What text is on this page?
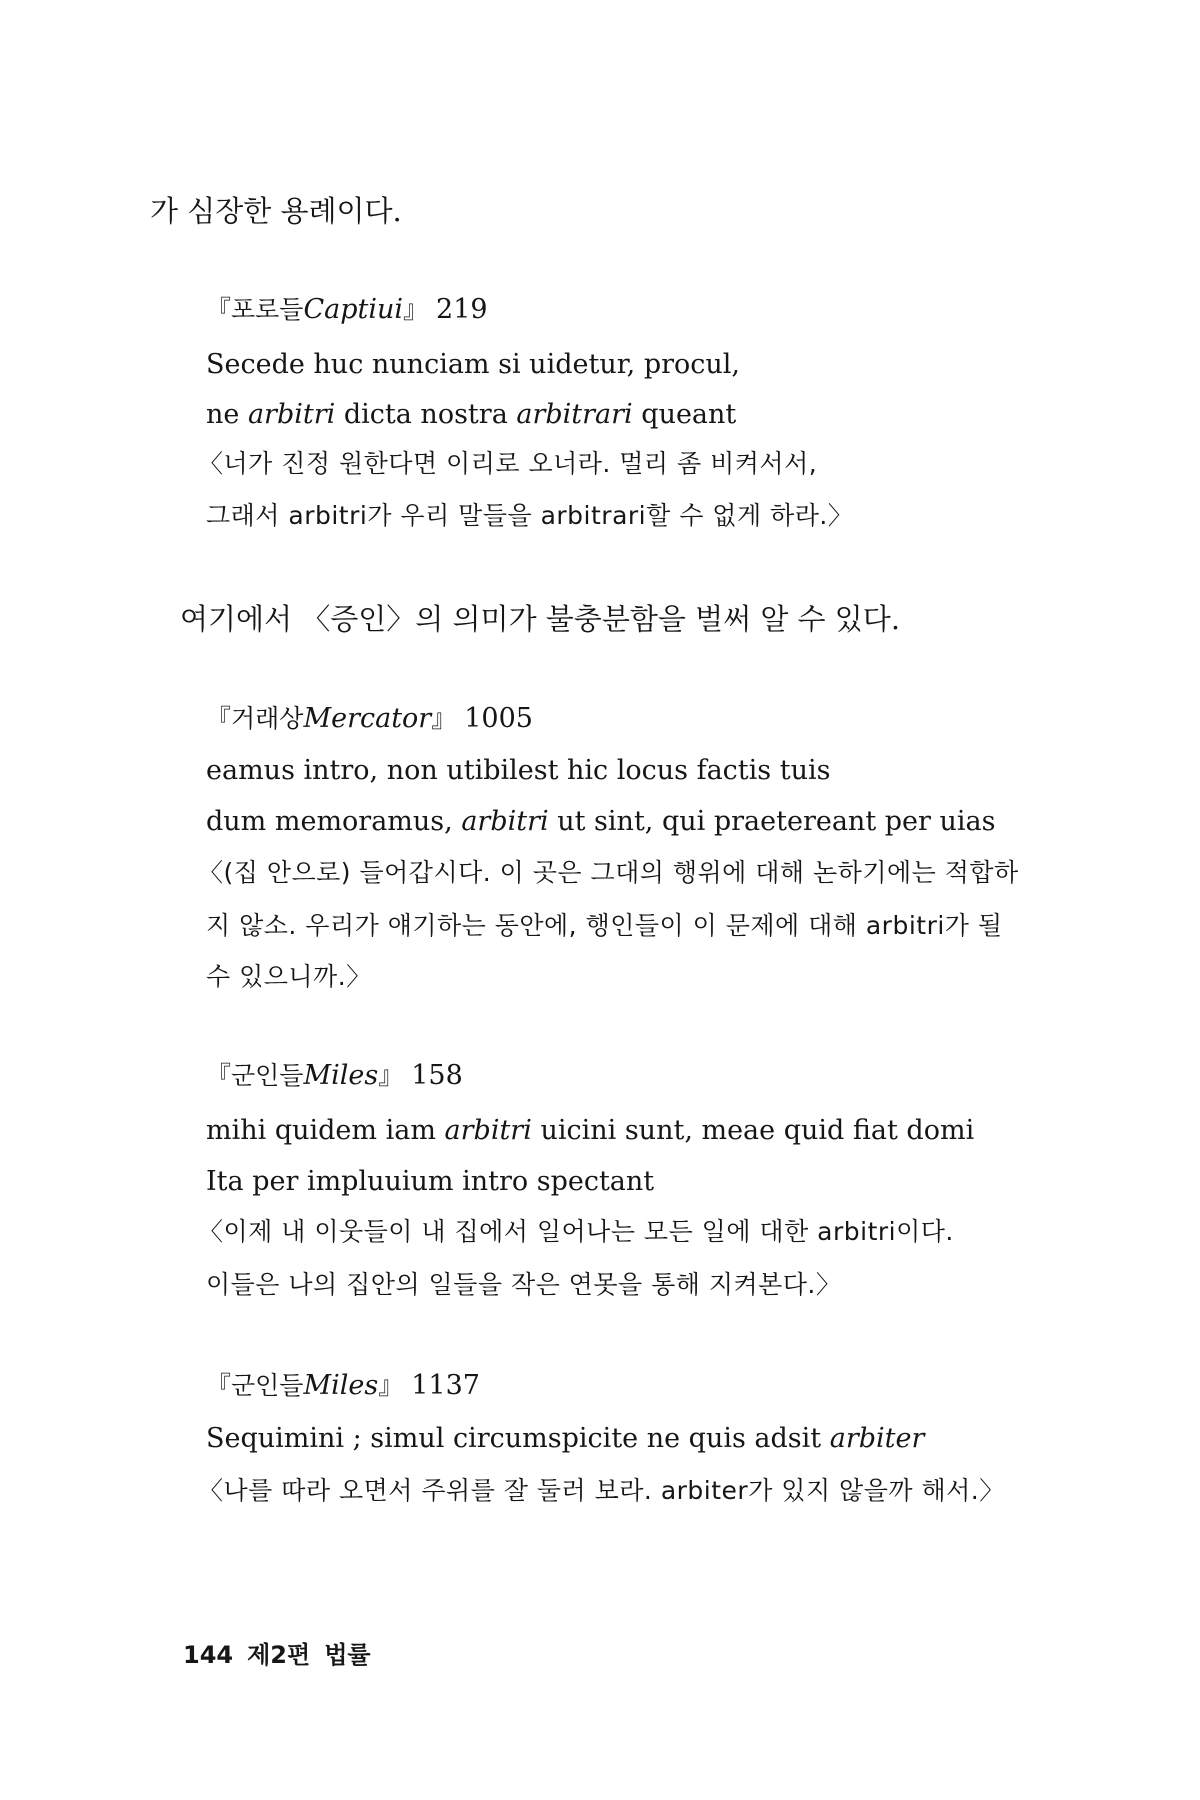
가 심장한 용례이다.
『포로들Captiui』 219
Secede huc nunciam si uidetur, procul,
ne arbitri dicta nostra arbitrari queant
〈너가 진정 원한다면 이리로 오너라. 멀리 좀 비켜서서,
그래서 arbitri가 우리 말들을 arbitrari할 수 없게 하라.〉
여기에서 〈증인〉의 의미가 불충분함을 벌써 알 수 있다.
『거래상Mercator』 1005
eamus intro, non utibilest hic locus factis tuis
dum memoramus, arbitri ut sint, qui praetereant per uias
〈(집 안으로) 들어갑시다. 이 곳은 그대의 행위에 대해 논하기에는 적합하
지 않소. 우리가 얘기하는 동안에, 행인들이 이 문제에 대해 arbitri가 될
수 있으니까.〉
『군인들Miles』 158
mihi quidem iam arbitri uicini sunt, meae quid fiat domi
Ita per impluuium intro spectant
〈이제 내 이웃들이 내 집에서 일어나는 모든 일에 대한 arbitri이다.
이들은 나의 집안의 일들을 작은 연못을 통해 지켜본다.〉
『군인들Miles』 1137
Sequimini ; simul circumspicite ne quis adsit arbiter
〈나를 따라 오면서 주위를 잘 둘러 보라. arbiter가 있지 않을까 해서.〉
144 제2편 법률
